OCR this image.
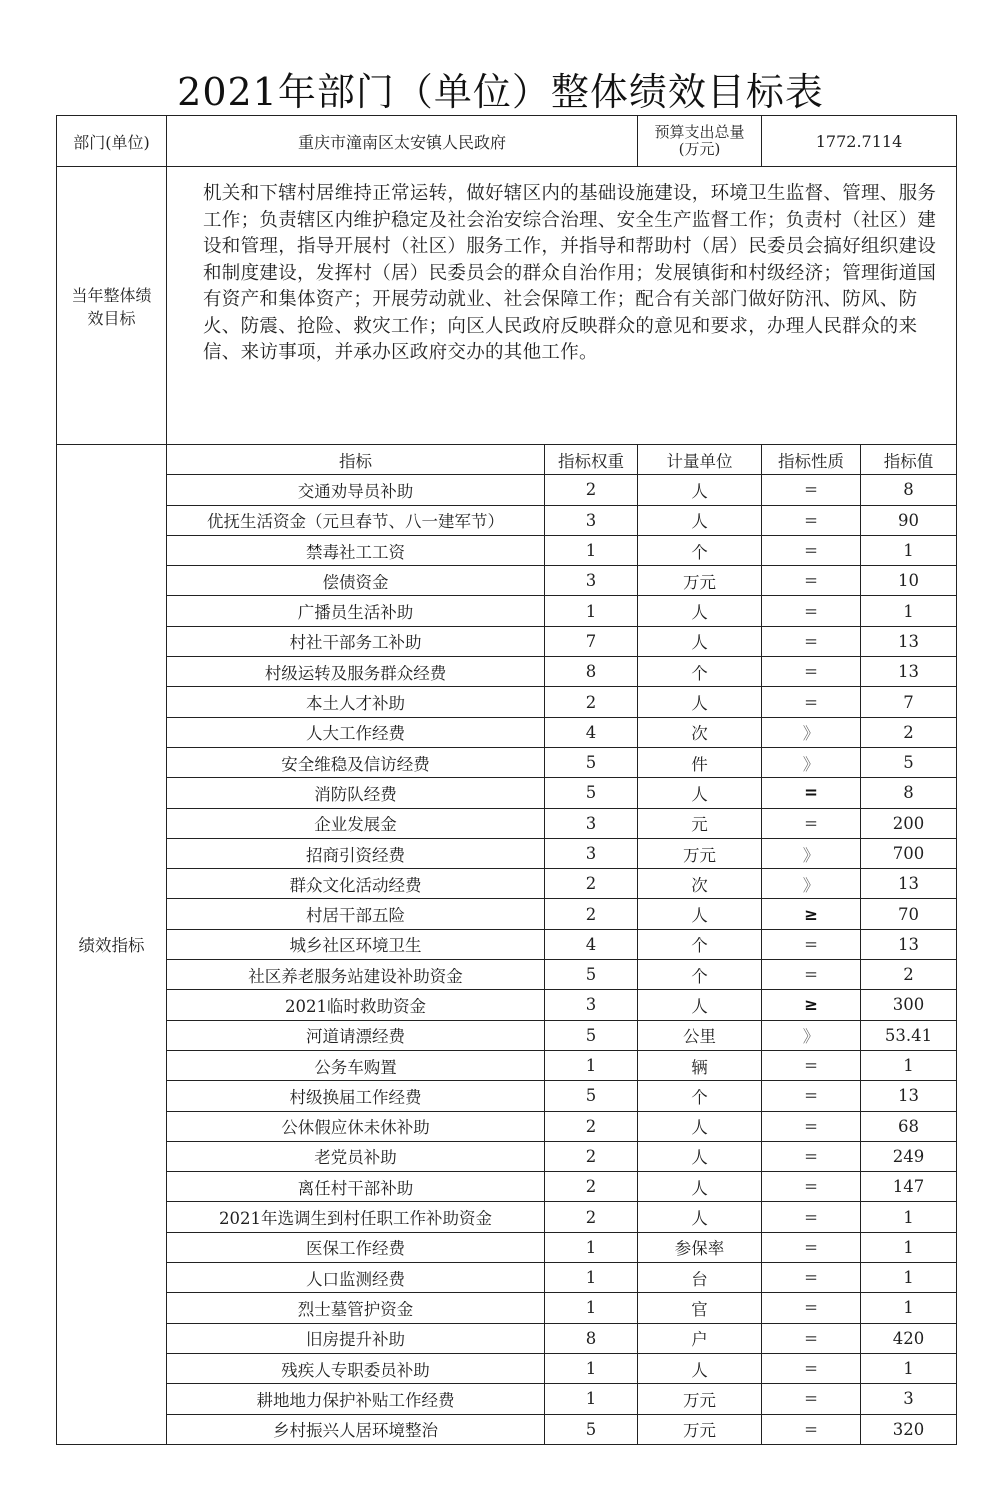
2021年部门（单位）整体绩效目标表
部门(单位)	重庆市潼南区太安镇人民政府		预算支出总量
(万元)	1772.7114	

当年整体绩
效目标	机关和下辖村居维持正常运转，做好辖区内的基础设施建设，环境卫生监督、管理、服务工作；负责辖区内维护稳定及社会治安综合治理、安全生产监督工作；负责村（社区）建设和管理，指导开展村（社区）服务工作，并指导和帮助村（居）民委员会搞好组织建设和制度建设，发挥村（居）民委员会的群众自治作用；发展镇街和村级经济；管理街道国有资产和集体资产；开展劳动就业、社会保障工作；配合有关部门做好防汛、防风、防火、防震、抢险、救灾工作；向区人民政府反映群众的意见和要求，办理人民群众的来信、来访事项，并承办区政府交办的其他工作。				
绩效指标	指标	指标权重	计量单位	指标性质	指标值
	交通劝导员补助	2	人	=	8
	优抚生活资金（元旦春节、八一建军节）	3	人	=	90
	禁毒社工工资	1	个	=	1
	偿债资金	3	万元	=	10
	广播员生活补助	1	人	=	1
	村社干部务工补助	7	人	=	13
	村级运转及服务群众经费	8	个	=	13
	本土人才补助	2	人	=	7
	人大工作经费	4	次	》	2
	安全维稳及信访经费	5	件	》	5
	消防队经费	5	人	=	8
	企业发展金	3	元	=	200
	招商引资经费	3	万元	》	700
	群众文化活动经费	2	次	》	13
	村居干部五险	2	人	≥	70
	城乡社区环境卫生	4	个	=	13
	社区养老服务站建设补助资金	5	个	=	2
	2021临时救助资金	3	人	≥	300
	河道请漂经费	5	公里	》	53.41
	公务车购置	1	辆	=	1
	村级换届工作经费	5	个	=	13
	公休假应休未休补助	2	人	=	68
	老党员补助	2	人	=	249
	离任村干部补助	2	人	=	147
	2021年选调生到村任职工作补助资金	2	人	=	1
	医保工作经费	1	参保率	=	1
	人口监测经费	1	台	=	1
	烈士墓管护资金	1	官	=	1
	旧房提升补助	8	户	=	420
	残疾人专职委员补助	1	人	=	1
	耕地地力保护补贴工作经费	1	万元	=	3
	乡村振兴人居环境整治	5	万元	=	320
